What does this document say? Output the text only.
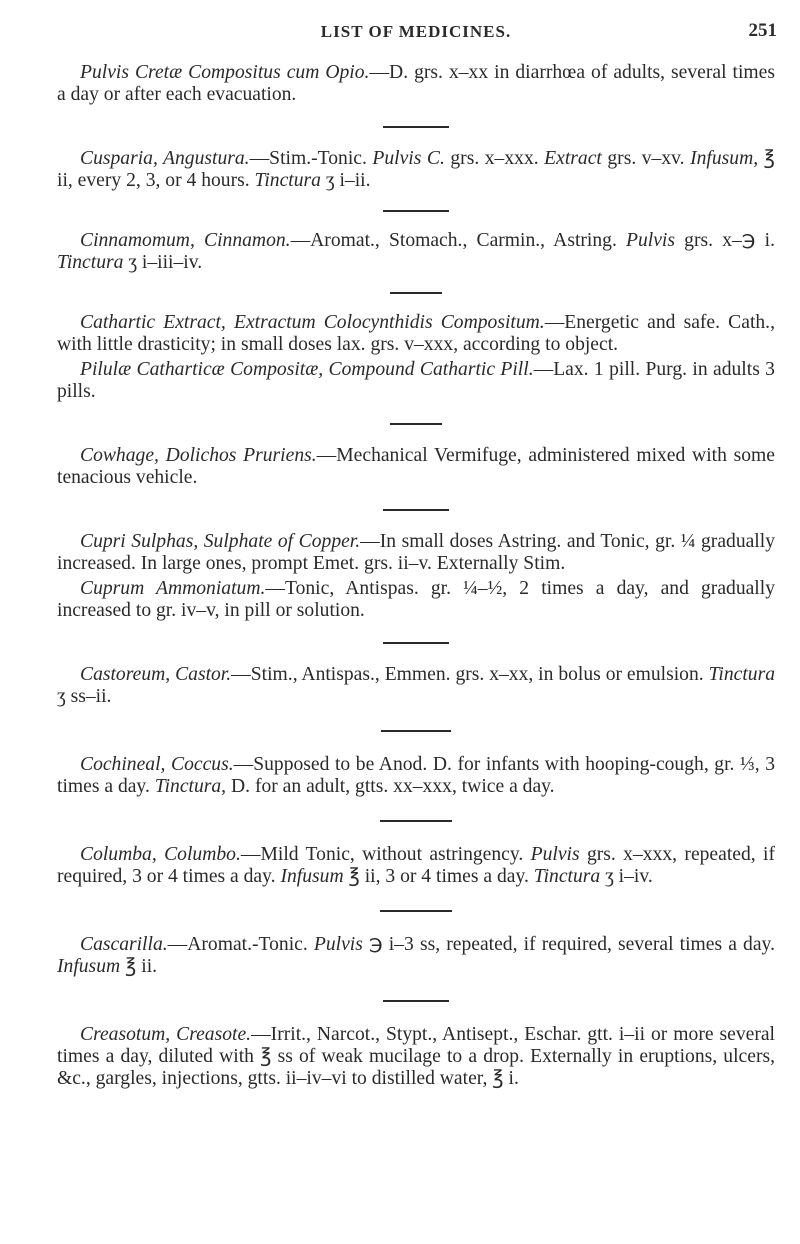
LIST OF MEDICINES.	251

Pulvis Cretæ Compositus cum Opio.—D. grs. x–xx in diarrhœa of adults, several times a day or after each evacuation.

Cusparia, Angustura.—Stim.-Tonic. Pulvis C. grs. x–xxx. Extract grs. v–xv. Infusum, ℥ ii, every 2, 3, or 4 hours. Tinctura ʒ i–ii.

Cinnamomum, Cinnamon.—Aromat., Stomach., Carmin., Astring. Pulvis grs. x–℈ i. Tinctura ʒ i–iii–iv.

Cathartic Extract, Extractum Colocynthidis Compositum.—Energetic and safe. Cath., with little drasticity; in small doses lax. grs. v–xxx, according to object.

Pilulæ Catharticæ Compositæ, Compound Cathartic Pill.—Lax. 1 pill. Purg. in adults 3 pills.

Cowhage, Dolichos Pruriens.—Mechanical Vermifuge, administered mixed with some tenacious vehicle.

Cupri Sulphas, Sulphate of Copper.—In small doses Astring. and Tonic, gr. ¼ gradually increased. In large ones, prompt Emet. grs. ii–v. Externally Stim.

Cuprum Ammoniatum.—Tonic, Antispas. gr. ¼–½, 2 times a day, and gradually increased to gr. iv–v, in pill or solution.

Castoreum, Castor.—Stim., Antispas., Emmen. grs. x–xx, in bolus or emulsion. Tinctura ʒ ss–ii.

Cochineal, Coccus.—Supposed to be Anod. D. for infants with hooping-cough, gr. ⅓, 3 times a day. Tinctura, D. for an adult, gtts. xx–xxx, twice a day.

Columba, Columbo.—Mild Tonic, without astringency. Pulvis grs. x–xxx, repeated, if required, 3 or 4 times a day. Infusum ℥ ii, 3 or 4 times a day. Tinctura ʒ i–iv.

Cascarilla.—Aromat.-Tonic. Pulvis ℈ i–3 ss, repeated, if required, several times a day. Infusum ℥ ii.

Creasotum, Creasote.—Irrit., Narcot., Stypt., Antisept., Eschar. gtt. i–ii or more several times a day, diluted with ℥ ss of weak mucilage to a drop. Externally in eruptions, ulcers, &c., gargles, injections, gtts. ii–iv–vi to distilled water, ℥ i.
